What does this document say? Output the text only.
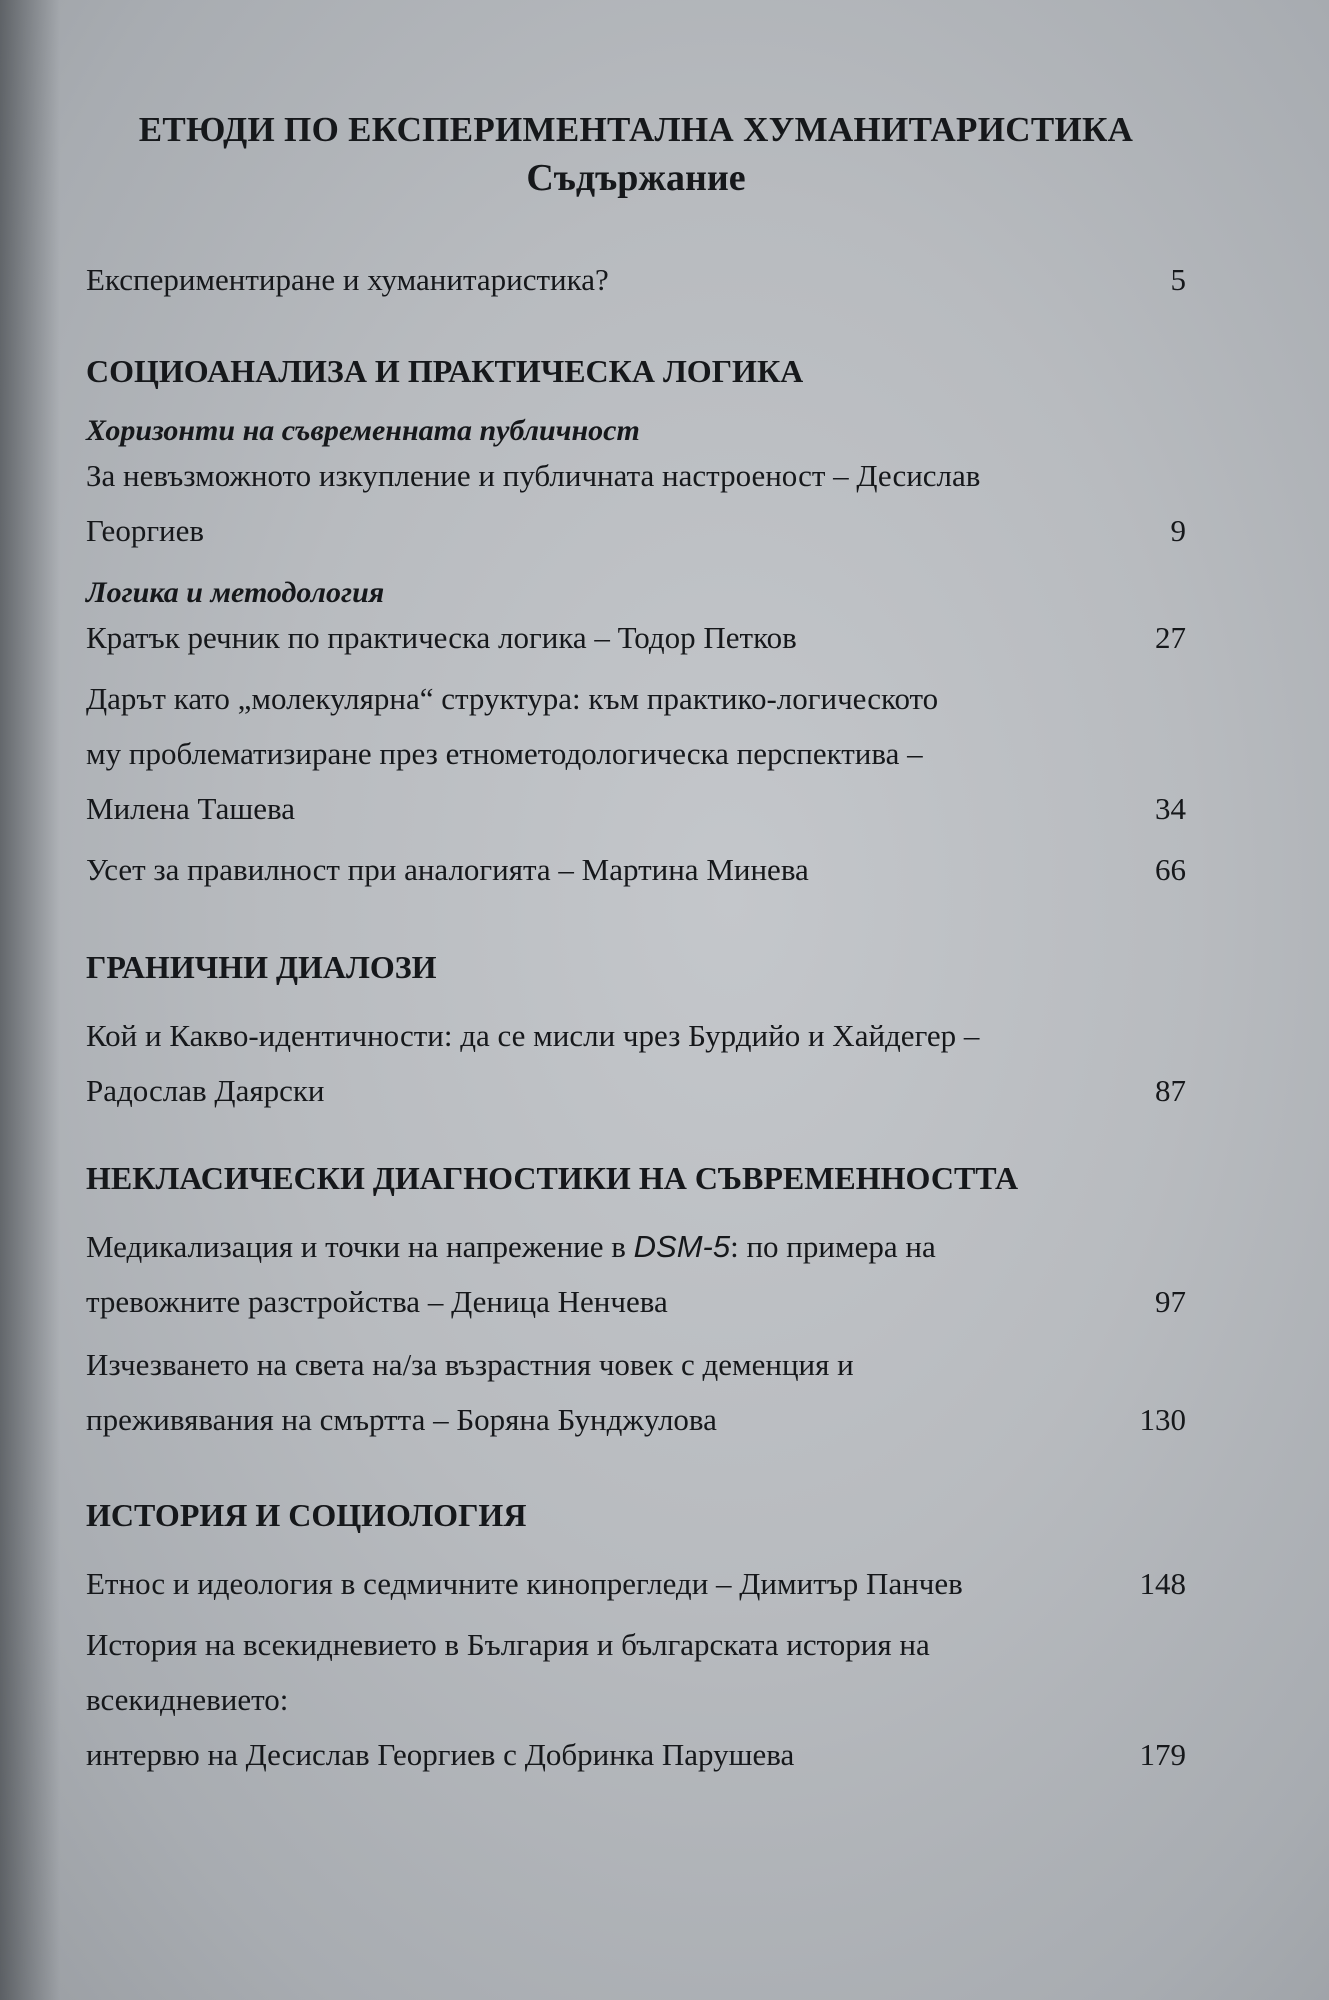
ЕТЮДИ ПО ЕКСПЕРИМЕНТАЛНА ХУМАНИТАРИСТИКА
Съдържание
Експериментиране и хуманитаристика?	5
СОЦИОАНАЛИЗА И ПРАКТИЧЕСКА ЛОГИКА
Хоризонти на съвременната публичност
За невъзможното изкупление и публичната настроеност – Десислав
Георгиев	9
Логика и методология
Кратък речник по практическа логика – Тодор Петков	27
Дарът като „молекулярна“ структура: към практико-логическото
му проблематизиране през етнометодологическа перспектива –
Милена Ташева	34
Усет за правилност при аналогията – Мартина Минева	66
ГРАНИЧНИ ДИАЛОЗИ
Кой и Какво-идентичности: да се мисли чрез Бурдийо и Хайдегер –
Радослав Даярски	87
НЕКЛАСИЧЕСКИ ДИАГНОСТИКИ НА СЪВРЕМЕННОСТТА
Медикализация и точки на напрежение в DSM-5: по примера на
тревожните разстройства – Деница Ненчева	97
Изчезването на света на/за възрастния човек с деменция и
преживявания на смъртта – Боряна Бунджулова	130
ИСТОРИЯ И СОЦИОЛОГИЯ
Етнос и идеология в седмичните кинопрегледи – Димитър Панчев	148
История на всекидневието в България и българската история на
всекидневието:
интервю на Десислав Георгиев с Добринка Парушева	179
